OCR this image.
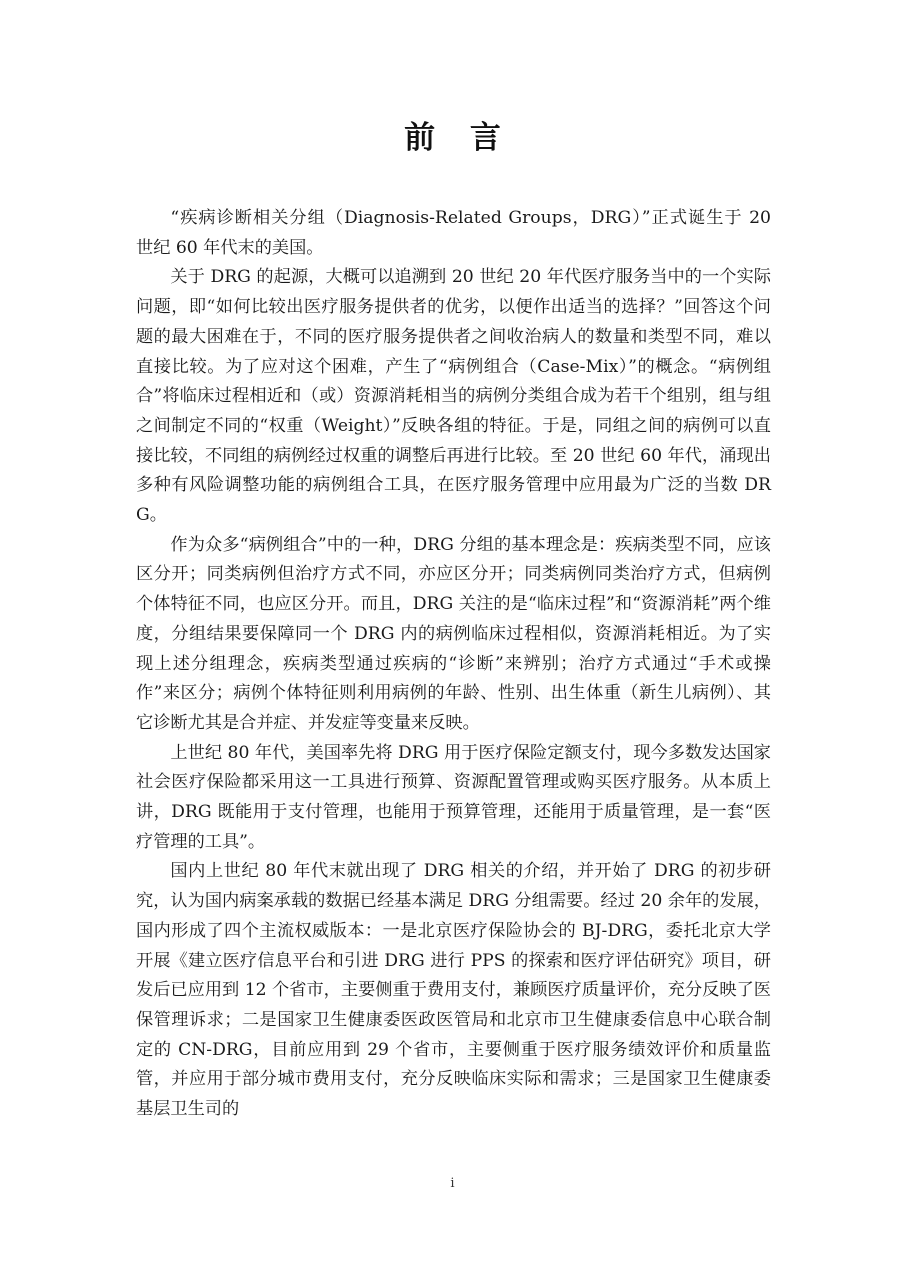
前 言

“疾病诊断相关分组（Diagnosis-Related Groups，DRG）”正式诞生于 20 世纪 60 年代末的美国。

关于 DRG 的起源，大概可以追溯到 20 世纪 20 年代医疗服务当中的一个实际问题，即“如何比较出医疗服务提供者的优劣，以便作出适当的选择？”回答这个问题的最大困难在于，不同的医疗服务提供者之间收治病人的数量和类型不同，难以直接比较。为了应对这个困难，产生了“病例组合（Case-Mix）”的概念。“病例组合”将临床过程相近和（或）资源消耗相当的病例分类组合成为若干个组别，组与组之间制定不同的“权重（Weight）”反映各组的特征。于是，同组之间的病例可以直接比较，不同组的病例经过权重的调整后再进行比较。至 20 世纪 60 年代，涌现出多种有风险调整功能的病例组合工具，在医疗服务管理中应用最为广泛的当数 DRG。

作为众多“病例组合”中的一种，DRG 分组的基本理念是：疾病类型不同，应该区分开；同类病例但治疗方式不同，亦应区分开；同类病例同类治疗方式，但病例个体特征不同，也应区分开。而且，DRG 关注的是“临床过程”和“资源消耗”两个维度，分组结果要保障同一个 DRG 内的病例临床过程相似，资源消耗相近。为了实现上述分组理念，疾病类型通过疾病的“诊断”来辨别；治疗方式通过“手术或操作”来区分；病例个体特征则利用病例的年龄、性别、出生体重（新生儿病例）、其它诊断尤其是合并症、并发症等变量来反映。

上世纪 80 年代，美国率先将 DRG 用于医疗保险定额支付，现今多数发达国家社会医疗保险都采用这一工具进行预算、资源配置管理或购买医疗服务。从本质上讲，DRG 既能用于支付管理，也能用于预算管理，还能用于质量管理，是一套“医疗管理的工具”。

国内上世纪 80 年代末就出现了 DRG 相关的介绍，并开始了 DRG 的初步研究，认为国内病案承载的数据已经基本满足 DRG 分组需要。经过 20 余年的发展，国内形成了四个主流权威版本：一是北京医疗保险协会的 BJ-DRG，委托北京大学开展《建立医疗信息平台和引进 DRG 进行 PPS 的探索和医疗评估研究》项目，研发后已应用到 12 个省市，主要侧重于费用支付，兼顾医疗质量评价，充分反映了医保管理诉求；二是国家卫生健康委医政医管局和北京市卫生健康委信息中心联合制定的 CN-DRG，目前应用到 29 个省市，主要侧重于医疗服务绩效评价和质量监管，并应用于部分城市费用支付，充分反映临床实际和需求；三是国家卫生健康委基层卫生司的

i
